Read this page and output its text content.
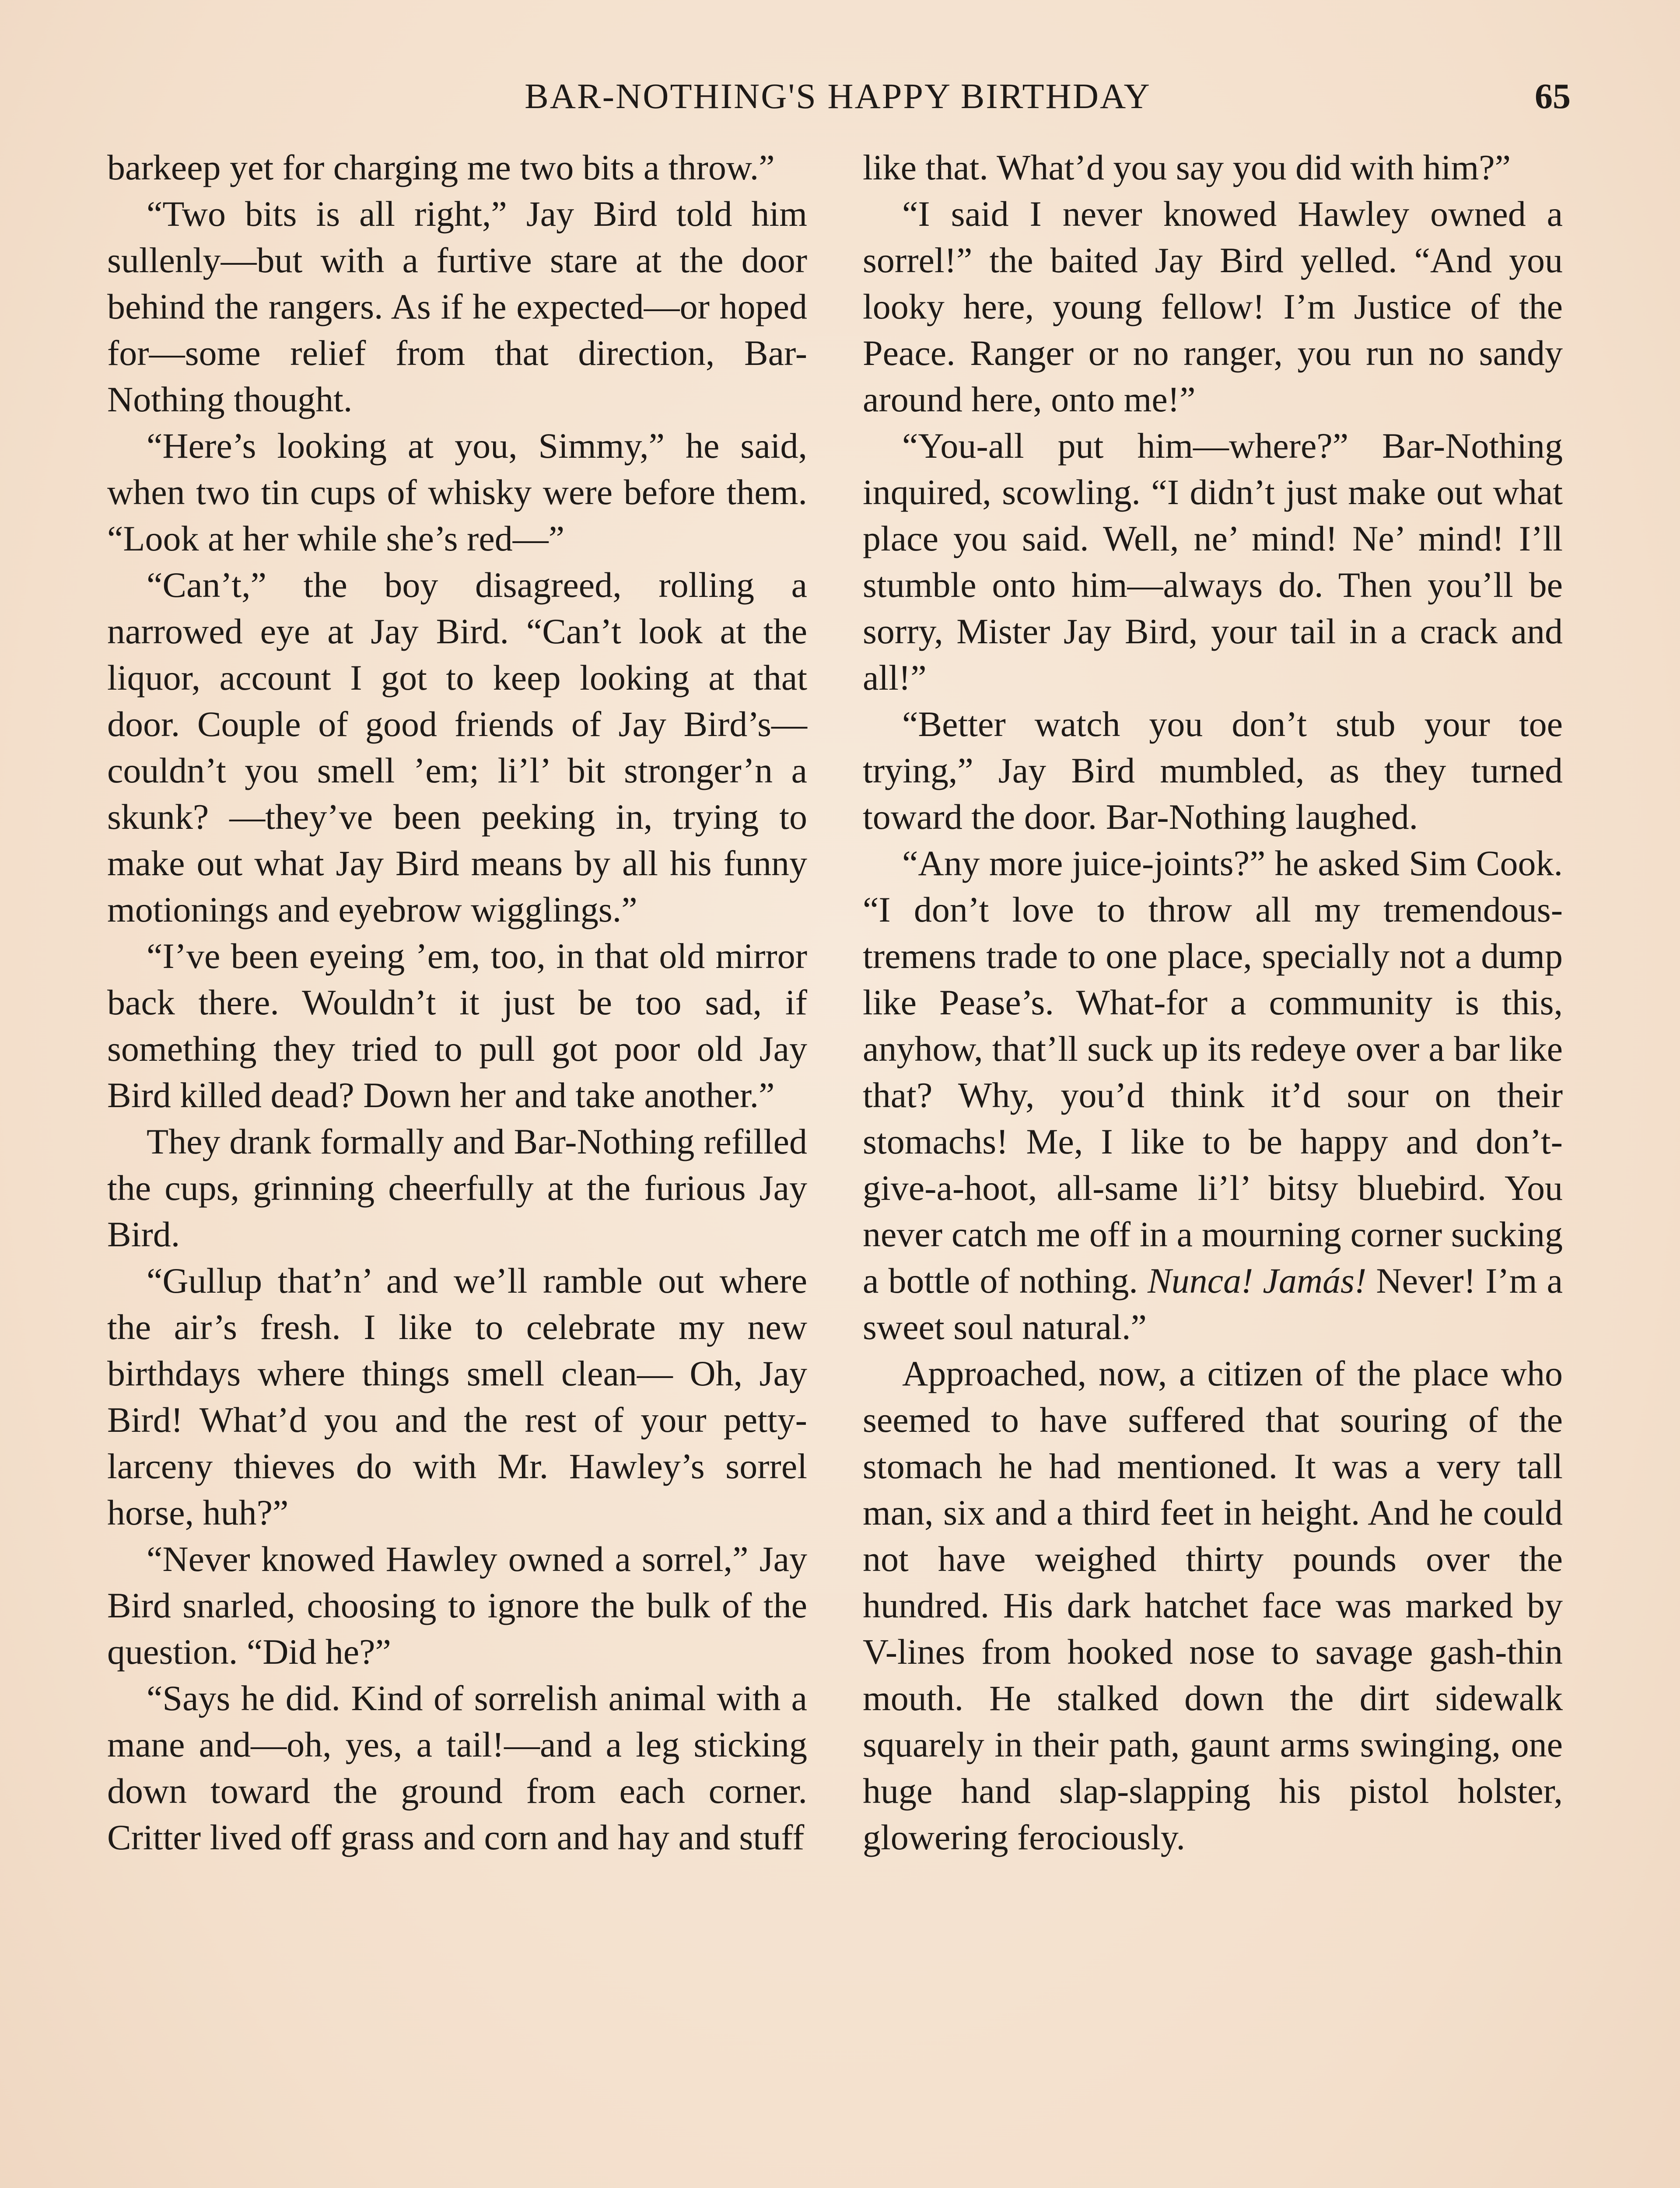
BAR-NOTHING'S HAPPY BIRTHDAY	65

barkeep yet for charging me two bits a throw.”

“Two bits is all right,” Jay Bird told him sullenly—but with a furtive stare at the door behind the rangers. As if he expected—or hoped for—some relief from that direction, Bar-Nothing thought.

“Here’s looking at you, Simmy,” he said, when two tin cups of whisky were before them. “Look at her while she’s red—”

“Can’t,” the boy disagreed, rolling a narrowed eye at Jay Bird. “Can’t look at the liquor, account I got to keep looking at that door. Couple of good friends of Jay Bird’s—couldn’t you smell ’em; li’l’ bit stronger’n a skunk? —they’ve been peeking in, trying to make out what Jay Bird means by all his funny motionings and eyebrow wigglings.”

“I’ve been eyeing ’em, too, in that old mirror back there. Wouldn’t it just be too sad, if something they tried to pull got poor old Jay Bird killed dead? Down her and take another.”

They drank formally and Bar-Nothing refilled the cups, grinning cheerfully at the furious Jay Bird.

“Gullup that’n’ and we’ll ramble out where the air’s fresh. I like to celebrate my new birthdays where things smell clean— Oh, Jay Bird! What’d you and the rest of your petty-larceny thieves do with Mr. Hawley’s sorrel horse, huh?”

“Never knowed Hawley owned a sorrel,” Jay Bird snarled, choosing to ignore the bulk of the question. “Did he?”

“Says he did. Kind of sorrelish animal with a mane and—oh, yes, a tail!—and a leg sticking down toward the ground from each corner. Critter lived off grass and corn and hay and stuff

like that. What’d you say you did with him?”

“I said I never knowed Hawley owned a sorrel!” the baited Jay Bird yelled. “And you looky here, young fellow! I’m Justice of the Peace. Ranger or no ranger, you run no sandy around here, onto me!”

“You-all put him—where?” Bar-Nothing inquired, scowling. “I didn’t just make out what place you said. Well, ne’ mind! Ne’ mind! I’ll stumble onto him—always do. Then you’ll be sorry, Mister Jay Bird, your tail in a crack and all!”

“Better watch you don’t stub your toe trying,” Jay Bird mumbled, as they turned toward the door. Bar-Nothing laughed.

“Any more juice-joints?” he asked Sim Cook. “I don’t love to throw all my tremendous-tremens trade to one place, specially not a dump like Pease’s. What-for a community is this, anyhow, that’ll suck up its redeye over a bar like that? Why, you’d think it’d sour on their stomachs! Me, I like to be happy and don’t-give-a-hoot, all-same li’l’ bitsy bluebird. You never catch me off in a mourning corner sucking a bottle of nothing. Nunca! Jamás! Never! I’m a sweet soul natural.”

Approached, now, a citizen of the place who seemed to have suffered that souring of the stomach he had mentioned. It was a very tall man, six and a third feet in height. And he could not have weighed thirty pounds over the hundred. His dark hatchet face was marked by V-lines from hooked nose to savage gash-thin mouth. He stalked down the dirt sidewalk squarely in their path, gaunt arms swinging, one huge hand slap-slapping his pistol holster, glowering ferociously.
